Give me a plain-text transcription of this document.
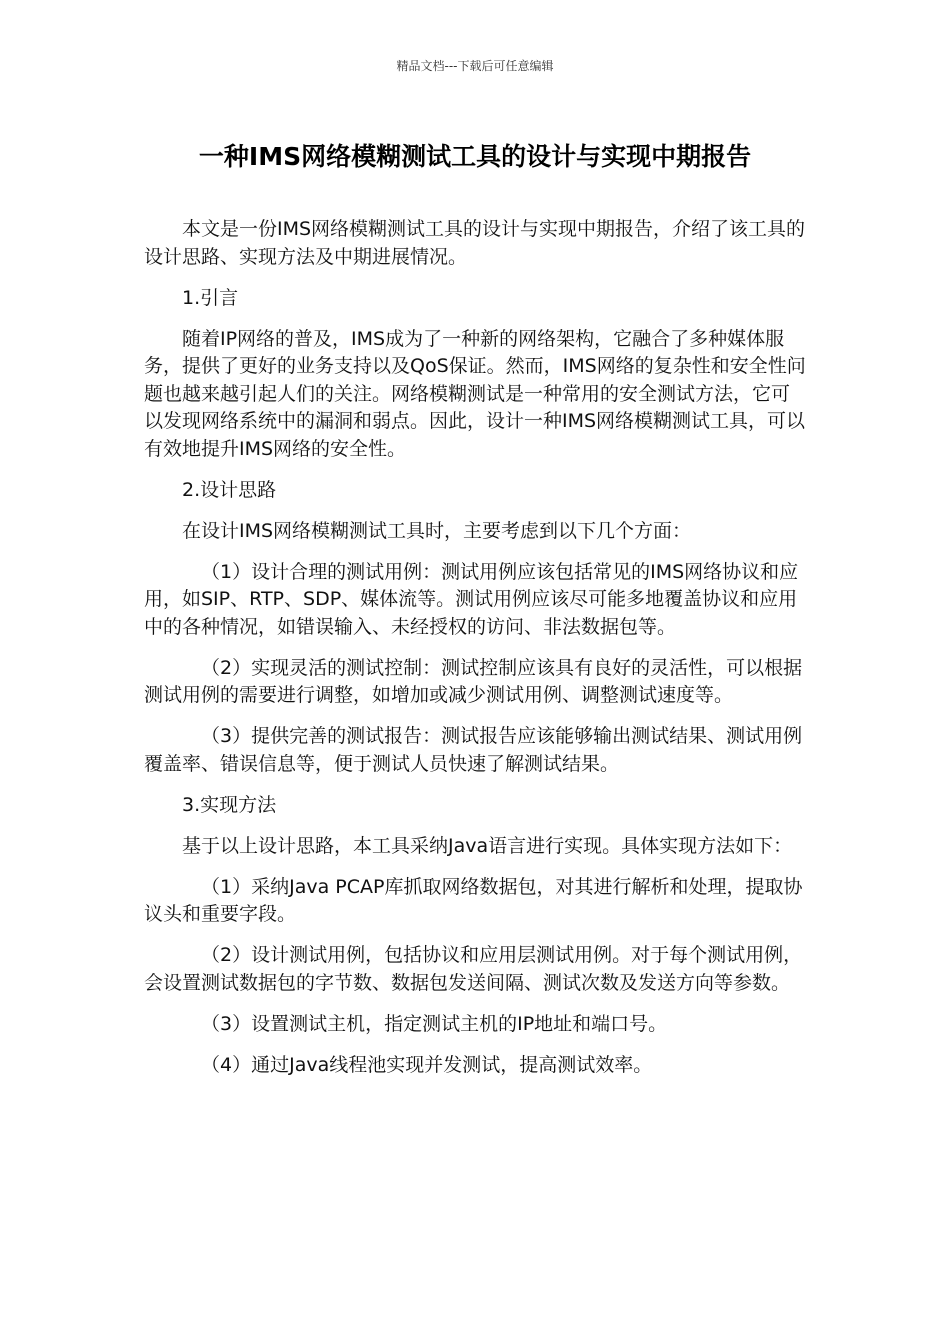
精品文档---下载后可任意编辑
一种IMS网络模糊测试工具的设计与实现中期报告

本文是一份IMS网络模糊测试工具的设计与实现中期报告，介绍了该工具的设计思路、实现方法及中期进展情况。

1.引言

随着IP网络的普及，IMS成为了一种新的网络架构，它融合了多种媒体服务，提供了更好的业务支持以及QoS保证。然而，IMS网络的复杂性和安全性问题也越来越引起人们的关注。网络模糊测试是一种常用的安全测试方法，它可以发现网络系统中的漏洞和弱点。因此，设计一种IMS网络模糊测试工具，可以有效地提升IMS网络的安全性。

2.设计思路

在设计IMS网络模糊测试工具时，主要考虑到以下几个方面：

（1）设计合理的测试用例：测试用例应该包括常见的IMS网络协议和应用，如SIP、RTP、SDP、媒体流等。测试用例应该尽可能多地覆盖协议和应用中的各种情况，如错误输入、未经授权的访问、非法数据包等。

（2）实现灵活的测试控制：测试控制应该具有良好的灵活性，可以根据测试用例的需要进行调整，如增加或减少测试用例、调整测试速度等。

（3）提供完善的测试报告：测试报告应该能够输出测试结果、测试用例覆盖率、错误信息等，便于测试人员快速了解测试结果。

3.实现方法

基于以上设计思路，本工具采纳Java语言进行实现。具体实现方法如下：

（1）采纳Java PCAP库抓取网络数据包，对其进行解析和处理，提取协议头和重要字段。

（2）设计测试用例，包括协议和应用层测试用例。对于每个测试用例，会设置测试数据包的字节数、数据包发送间隔、测试次数及发送方向等参数。

（3）设置测试主机，指定测试主机的IP地址和端口号。

（4）通过Java线程池实现并发测试，提高测试效率。
